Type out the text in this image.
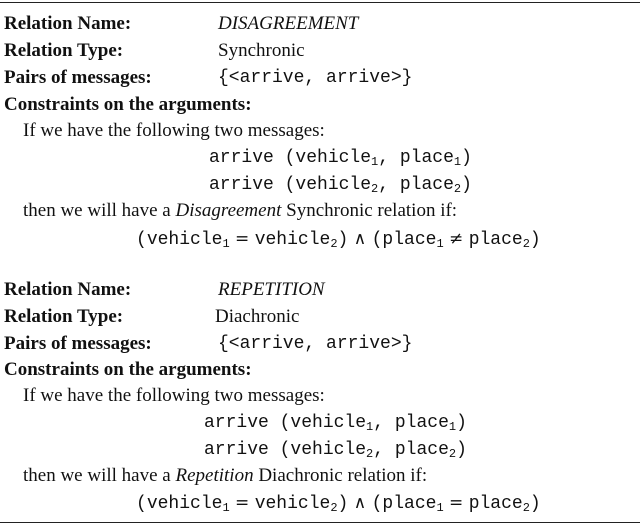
Relation Name:	DISAGREEMENT
Relation Type:	Synchronic
Pairs of messages:	{<arrive, arrive>}
Constraints on the arguments:
If we have the following two messages:
arrive (vehicle$_1$, place$_1$)
arrive (vehicle$_2$, place$_2$)
then we will have a Disagreement Synchronic relation if:
(vehicle$_1$ = vehicle$_2$) ∧ (place$_1$ ≠ place$_2$)
Relation Name:	REPETITION
Relation Type:	Diachronic
Pairs of messages:	{<arrive, arrive>}
Constraints on the arguments:
If we have the following two messages:
arrive (vehicle$_1$, place$_1$)
arrive (vehicle$_2$, place$_2$)
then we will have a Repetition Diachronic relation if:
(vehicle$_1$ = vehicle$_2$) ∧ (place$_1$ = place$_2$)
